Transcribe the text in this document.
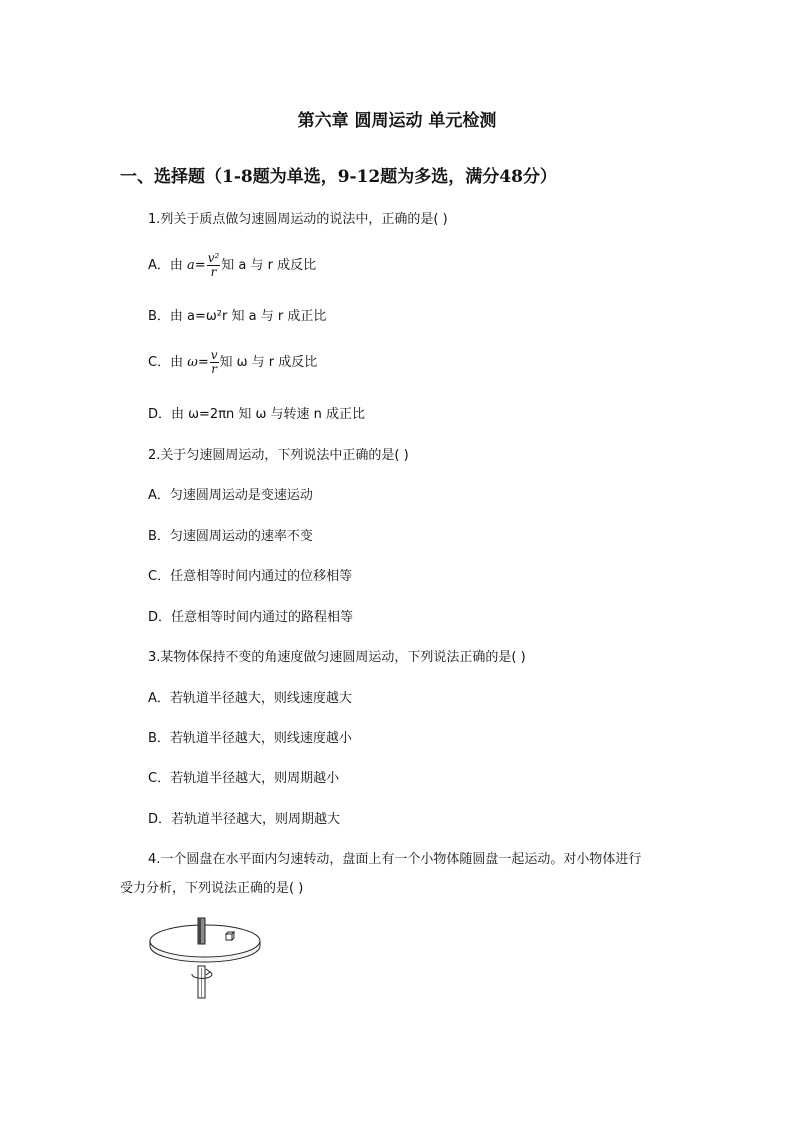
第六章 圆周运动 单元检测
一、选择题（1-8题为单选，9-12题为多选，满分48分）
1.列关于质点做匀速圆周运动的说法中，正确的是( )
A．由 $a= \frac{\text{v²}}{r}$ 知 a 与 r 成反比
B．由 a=ω²r 知 a 与 r 成正比
C．由 $\omega= \frac{v}{r}$ 知 ω 与 r 成反比
D．由 ω=2πn 知 ω 与转速 n 成正比
2.关于匀速圆周运动，下列说法中正确的是( )
A．匀速圆周运动是变速运动
B．匀速圆周运动的速率不变
C．任意相等时间内通过的位移相等
D．任意相等时间内通过的路程相等
3.某物体保持不变的角速度做匀速圆周运动，下列说法正确的是( )
A．若轨道半径越大，则线速度越大
B．若轨道半径越大，则线速度越小
C．若轨道半径越大，则周期越小
D．若轨道半径越大，则周期越大
4.一个圆盘在水平面内匀速转动，盘面上有一个小物体随圆盘一起运动。对小物体进行
受力分析，下列说法正确的是( )
